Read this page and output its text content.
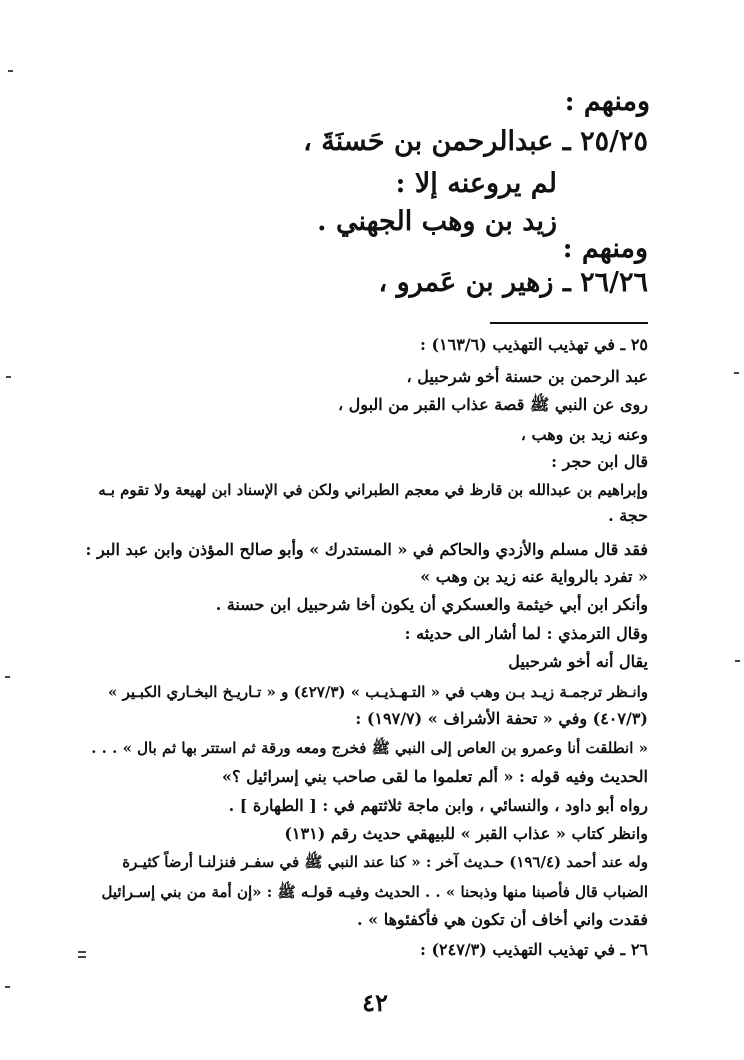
ومنهم :
٢٥/٢٥ ـ عبدالرحمن بن حَسنَةَ ،
لم يروعنه إلا :
زيد بن وهب الجهني .
ومنهم :
٢٦/٢٦ ـ زهير بن عَمرو ،
٢٥ ـ في تهذيب التهذيب (١٦٣/٦) :
عبد الرحمن بن حسنة أخو شرحبيل ،
روى عن النبي ﷺ قصة عذاب القبر من البول ،
وعنه زيد بن وهب ،
قال ابن حجر :
وإبراهيم بن عبدالله بن قارظ في معجم الطبراني ولكن في الإسناد ابن لهيعة ولا تقوم بـه
حجة .
فقد قال مسلم والأزدي والحاكم في « المستدرك » وأبو صالح المؤذن وابن عبد البر :
« تفرد بالرواية عنه زيد بن وهب »
وأنكر ابن أبي خيثمة والعسكري أن يكون أخا شرحبيل ابن حسنة .
وقال الترمذي : لما أشار الى حديثه :
يقال أنه أخو شرحبيل
وانـظر ترجمـة زيـد بـن وهب في « التـهـذيـب » (٤٢٧/٣) و « تـاريـخ البخـاري الكبـير »
(٤٠٧/٣) وفي « تحفة الأشراف » (١٩٧/٧) :
« انطلقت أنا وعمرو بن العاص إلى النبي ﷺ فخرج ومعه ورقة ثم استتر بها ثم بال » . . .
الحديث وفيه قوله : « ألم تعلموا ما لقى صاحب بني إسرائيل ؟»
رواه أبو داود ، والنسائي ، وابن ماجة ثلاثتهم في : [ الطهارة ] .
وانظر كتاب « عذاب القبر » للبيهقي حديث رقم (١٣١)
وله عند أحمد (١٩٦/٤) حـديث آخر : « كنا عند النبي ﷺ في سفـر فنزلنـا أرضاً كثيـرة
الضباب قال فأصبنا منها وذبحنا » . . الحديث وفيـه قولـه ﷺ : «إن أمة من بني إسـرائيل
فقدت واني أخاف أن تكون هي فأكفئوها » .
٢٦ ـ في تهذيب التهذيب (٢٤٧/٣) :
٤٢
